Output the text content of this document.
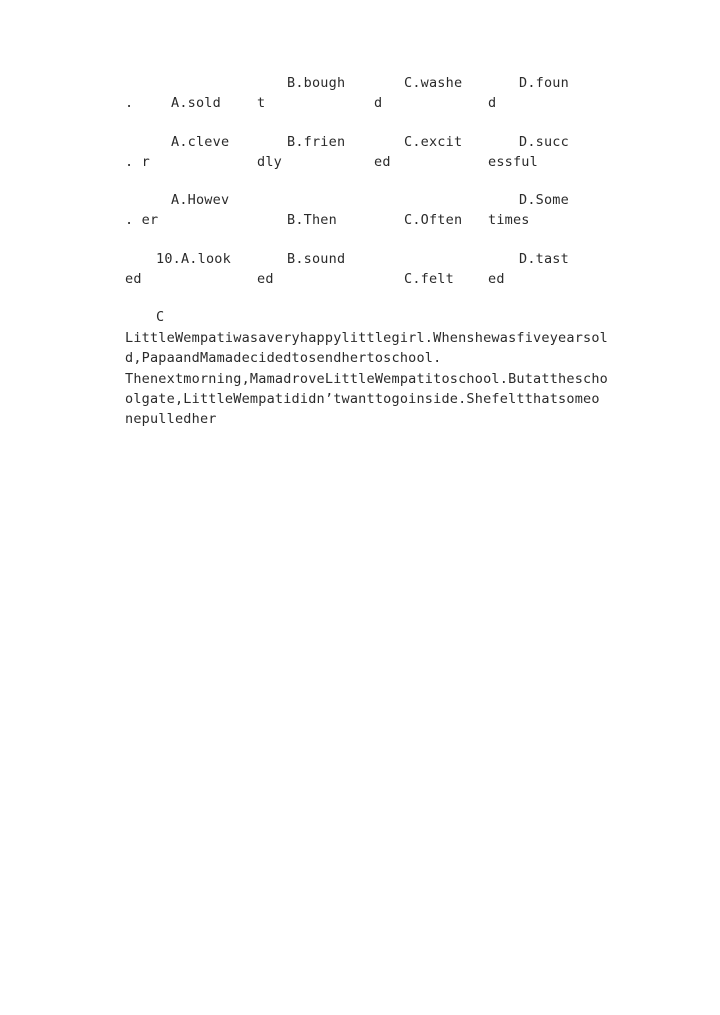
B.bough	C.washe	D.foun
.	A.sold	t	d	d
A.cleve	B.frien	C.excit	D.succ
. r	dly	ed	essful
A.Howev	D.Some
. er	B.Then	C.Often times
10.A.look	B.sound	D.tast
ed	ed	C.felt	ed
C
LittleWempatiwasaveryhappylittlegirl.Whenshewasfiveyearsol
d,PapaandMamadecidedtosendhertoschool.
Thenextmorning,MamadroveLittleWempatitoschool.Butattheschо
olgate,LittleWempatididn’twanttogoinside.Shefeltthatsomeo
nepulledher
